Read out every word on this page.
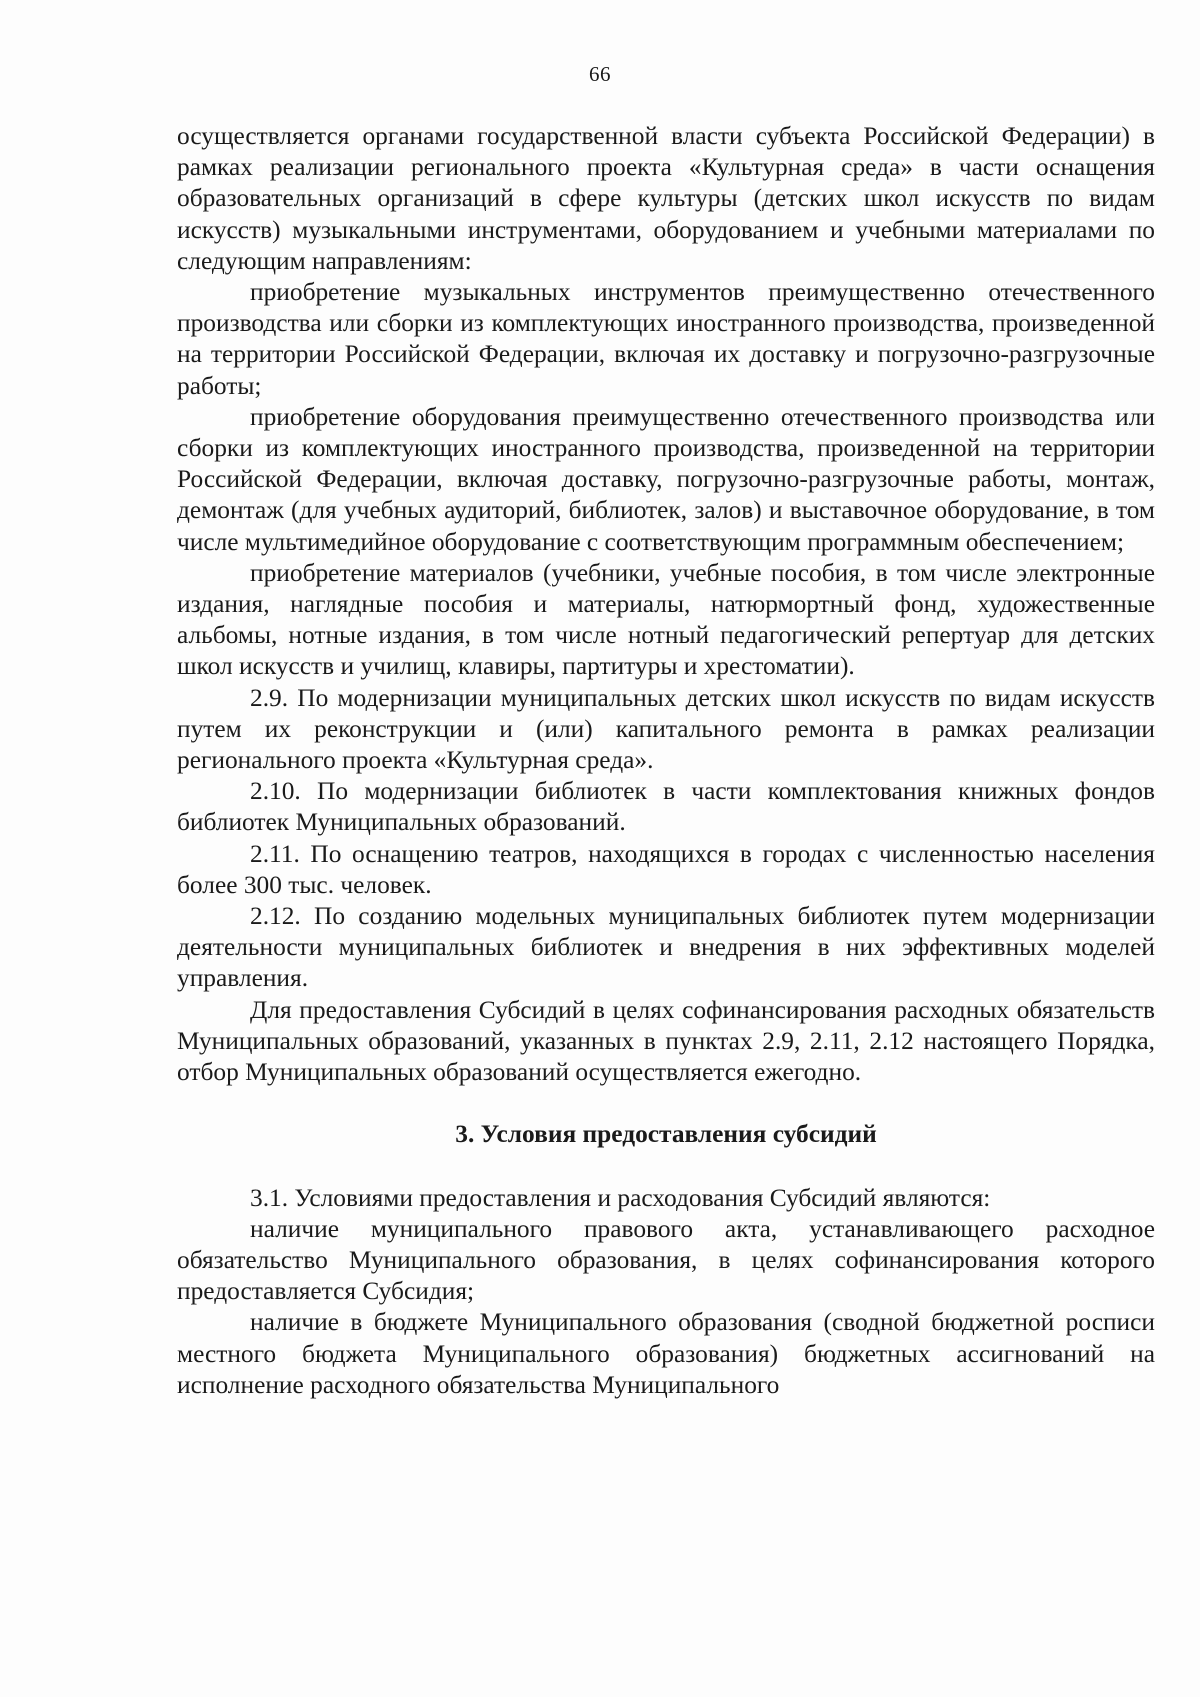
66

осуществляется органами государственной власти субъекта Российской Федерации) в рамках реализации регионального проекта «Культурная среда» в части оснащения образовательных организаций в сфере культуры (детских школ искусств по видам искусств) музыкальными инструментами, оборудованием и учебными материалами по следующим направлениям:

приобретение музыкальных инструментов преимущественно отечественного производства или сборки из комплектующих иностранного производства, произведенной на территории Российской Федерации, включая их доставку и погрузочно-разгрузочные работы;

приобретение оборудования преимущественно отечественного производства или сборки из комплектующих иностранного производства, произведенной на территории Российской Федерации, включая доставку, погрузочно-разгрузочные работы, монтаж, демонтаж (для учебных аудиторий, библиотек, залов) и выставочное оборудование, в том числе мультимедийное оборудование с соответствующим программным обеспечением;

приобретение материалов (учебники, учебные пособия, в том числе электронные издания, наглядные пособия и материалы, натюрмортный фонд, художественные альбомы, нотные издания, в том числе нотный педагогический репертуар для детских школ искусств и училищ, клавиры, партитуры и хрестоматии).

2.9. По модернизации муниципальных детских школ искусств по видам искусств путем их реконструкции и (или) капитального ремонта в рамках реализации регионального проекта «Культурная среда».

2.10. По модернизации библиотек в части комплектования книжных фондов библиотек Муниципальных образований.

2.11. По оснащению театров, находящихся в городах с численностью населения более 300 тыс. человек.

2.12. По созданию модельных муниципальных библиотек путем модернизации деятельности муниципальных библиотек и внедрения в них эффективных моделей управления.

Для предоставления Субсидий в целях софинансирования расходных обязательств Муниципальных образований, указанных в пунктах 2.9, 2.11, 2.12 настоящего Порядка, отбор Муниципальных образований осуществляется ежегодно.

3. Условия предоставления субсидий

3.1. Условиями предоставления и расходования Субсидий являются:

наличие муниципального правового акта, устанавливающего расходное обязательство Муниципального образования, в целях софинансирования которого предоставляется Субсидия;

наличие в бюджете Муниципального образования (сводной бюджетной росписи местного бюджета Муниципального образования) бюджетных ассигнований на исполнение расходного обязательства Муниципального
